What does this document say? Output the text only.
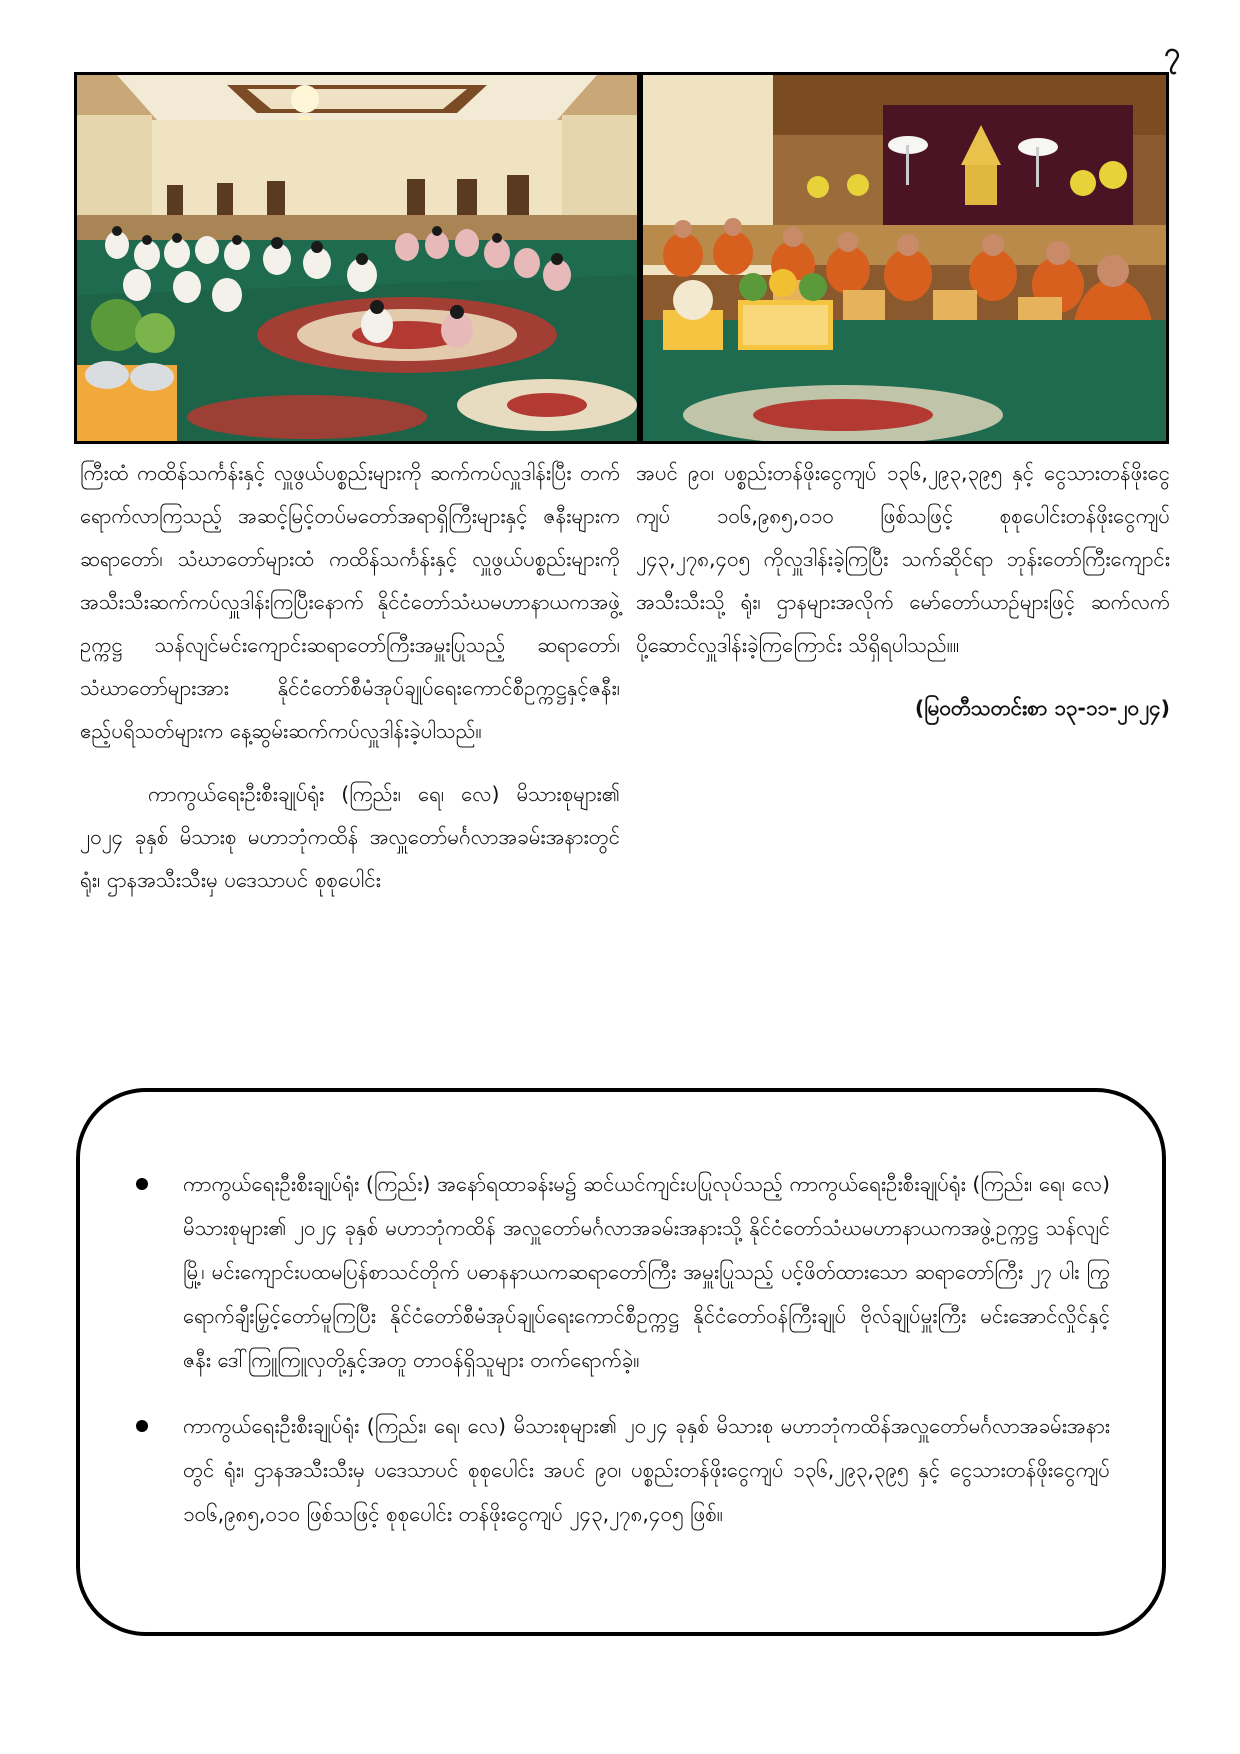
၇

ကြီးထံ ကထိန်သင်္ကန်းနှင့် လှူဖွယ်ပစ္စည်းများကို ဆက်ကပ်လှူဒါန်းပြီး တက်ရောက်လာကြသည့် အဆင့်မြင့်တပ်မတော်အရာရှိကြီးများနှင့် ဇနီးများက ဆရာတော်၊ သံဃာတော်များထံ ကထိန်သင်္ကန်းနှင့် လှူဖွယ်ပစ္စည်းများကို အသီးသီးဆက်ကပ်လှူဒါန်းကြပြီးနောက် နိုင်ငံတော်သံဃမဟာနာယကအဖွဲ့ဥက္ကဋ္ဌ သန်လျင်မင်းကျောင်းဆရာတော်ကြီးအမှူးပြုသည့် ဆရာတော်၊ သံဃာတော်များအား နိုင်ငံတော်စီမံအုပ်ချုပ်ရေးကောင်စီဥက္ကဋ္ဌနှင့်ဇနီး၊ ဧည့်ပရိသတ်များက နေ့ဆွမ်းဆက်ကပ်လှူဒါန်းခဲ့ပါသည်။

ကာကွယ်ရေးဦးစီးချုပ်ရုံး (ကြည်း၊ ရေ၊ လေ) မိသားစုများ၏ ၂၀၂၄ ခုနှစ် မိသားစု မဟာဘုံကထိန် အလှူတော်မင်္ဂလာအခမ်းအနားတွင် ရုံး၊ ဌာနအသီးသီးမှ ပဒေသာပင် စုစုပေါင်း

အပင် ၉၀၊ ပစ္စည်းတန်ဖိုးငွေကျပ် ၁၃၆,၂၉၃,၃၉၅ နှင့် ငွေသားတန်ဖိုးငွေကျပ် ၁၀၆,၉၈၅,၀၁၀ ဖြစ်သဖြင့် စုစုပေါင်းတန်ဖိုးငွေကျပ် ၂၄၃,၂၇၈,၄၀၅ ကိုလှူဒါန်းခဲ့ကြပြီး သက်ဆိုင်ရာ ဘုန်းတော်ကြီးကျောင်းအသီးသီးသို့ ရုံး၊ ဌာနများအလိုက် မော်တော်ယာဉ်များဖြင့် ဆက်လက်ပို့ဆောင်လှူဒါန်းခဲ့ကြကြောင်း သိရှိရပါသည်။။

(မြဝတီသတင်းစာ ၁၃-၁၁-၂၀၂၄)
ကာကွယ်ရေးဦးစီးချုပ်ရုံး (ကြည်း) အနော်ရထာခန်းမ၌ ဆင်ယင်ကျင်းပပြုလုပ်သည့် ကာကွယ်ရေးဦးစီးချုပ်ရုံး (ကြည်း၊ ရေ၊ လေ) မိသားစုများ၏ ၂၀၂၄ ခုနှစ် မဟာဘုံကထိန် အလှူတော်မင်္ဂလာအခမ်းအနားသို့ နိုင်ငံတော်သံဃမဟာနာယကအဖွဲ့ဥက္ကဋ္ဌ သန်လျင်မြို့၊ မင်းကျောင်းပထမပြန်စာသင်တိုက် ပဓာနနာယကဆရာတော်ကြီး အမှူးပြုသည့် ပင့်ဖိတ်ထားသော ဆရာတော်ကြီး ၂၇ ပါး ကြွရောက်ချီးမြှင့်တော်မူကြပြီး နိုင်ငံတော်စီမံအုပ်ချုပ်ရေးကောင်စီဥက္ကဋ္ဌ နိုင်ငံတော်ဝန်ကြီးချုပ် ဗိုလ်ချုပ်မှူးကြီး မင်းအောင်လှိုင်နှင့် ဇနီး ဒေါ်ကြူကြူလှတို့နှင့်အတူ တာဝန်ရှိသူများ တက်ရောက်ခဲ့။
ကာကွယ်ရေးဦးစီးချုပ်ရုံး (ကြည်း၊ ရေ၊ လေ) မိသားစုများ၏ ၂၀၂၄ ခုနှစ် မိသားစု မဟာဘုံကထိန်အလှူတော်မင်္ဂလာအခမ်းအနားတွင် ရုံး၊ ဌာနအသီးသီးမှ ပဒေသာပင် စုစုပေါင်း အပင် ၉၀၊ ပစ္စည်းတန်ဖိုးငွေကျပ် ၁၃၆,၂၉၃,၃၉၅ နှင့် ငွေသားတန်ဖိုးငွေကျပ် ၁၀၆,၉၈၅,၀၁၀ ဖြစ်သဖြင့် စုစုပေါင်း တန်ဖိုးငွေကျပ် ၂၄၃,၂၇၈,၄၀၅ ဖြစ်။
